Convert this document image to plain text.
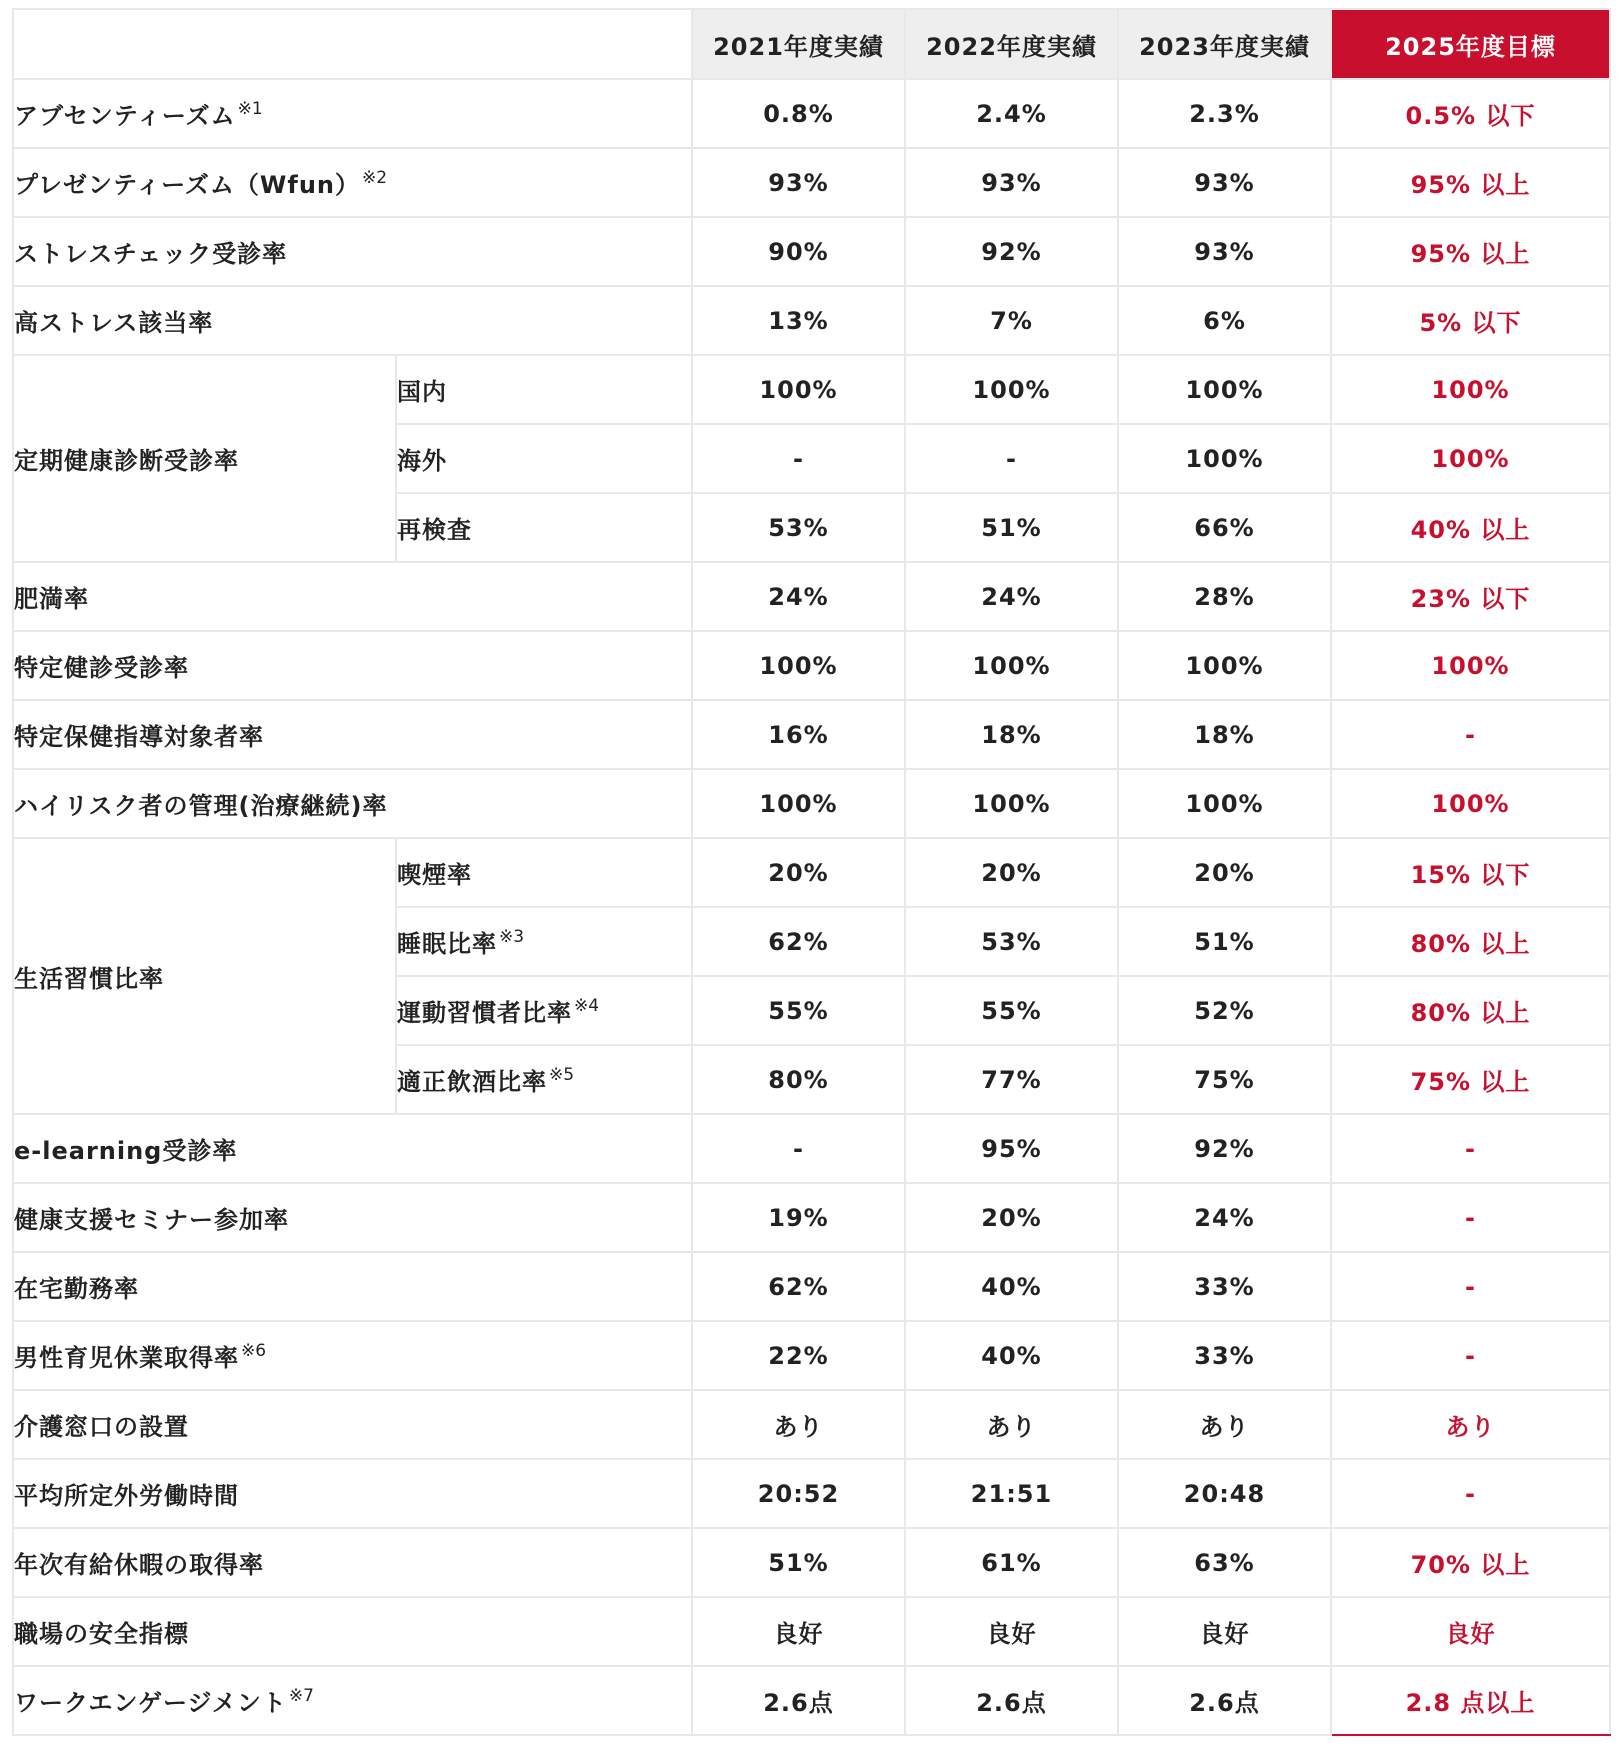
		2021年度実績	2022年度実績	2023年度実績	2025年度目標
アブセンティーズム $^{※1}$		0.8%	2.4%	2.3%	0.5% 以下
プレゼンティーズム（Wfun） $^{※2}$		93%	93%	93%	95% 以上
ストレスチェック受診率		90%	92%	93%	95% 以上
高ストレス該当率		13%	7%	6%	5% 以下
定期健康診断受診率	国内	100%	100%	100%	100%
	海外	-	-	100%	100%
	再検査	53%	51%	66%	40% 以上
肥満率		24%	24%	28%	23% 以下
特定健診受診率		100%	100%	100%	100%
特定保健指導対象者率		16%	18%	18%	-
ハイリスク者の管理(治療継続)率		100%	100%	100%	100%
生活習慣比率	喫煙率	20%	20%	20%	15% 以下
	睡眠比率 $^{※3}$	62%	53%	51%	80% 以上
	運動習慣者比率 $^{※4}$	55%	55%	52%	80% 以上
	適正飲酒比率 $^{※5}$	80%	77%	75%	75% 以上
e-learning受診率		-	95%	92%	-
健康支援セミナー参加率		19%	20%	24%	-
在宅勤務率		62%	40%	33%	-
男性育児休業取得率 $^{※6}$		22%	40%	33%	-
介護窓口の設置		あり	あり	あり	あり
平均所定外労働時間		20:52	21:51	20:48	-
年次有給休暇の取得率		51%	61%	63%	70% 以上
職場の安全指標		良好	良好	良好	良好
ワークエンゲージメント $^{※7}$		2.6点	2.6点	2.6点	2.8 点以上
